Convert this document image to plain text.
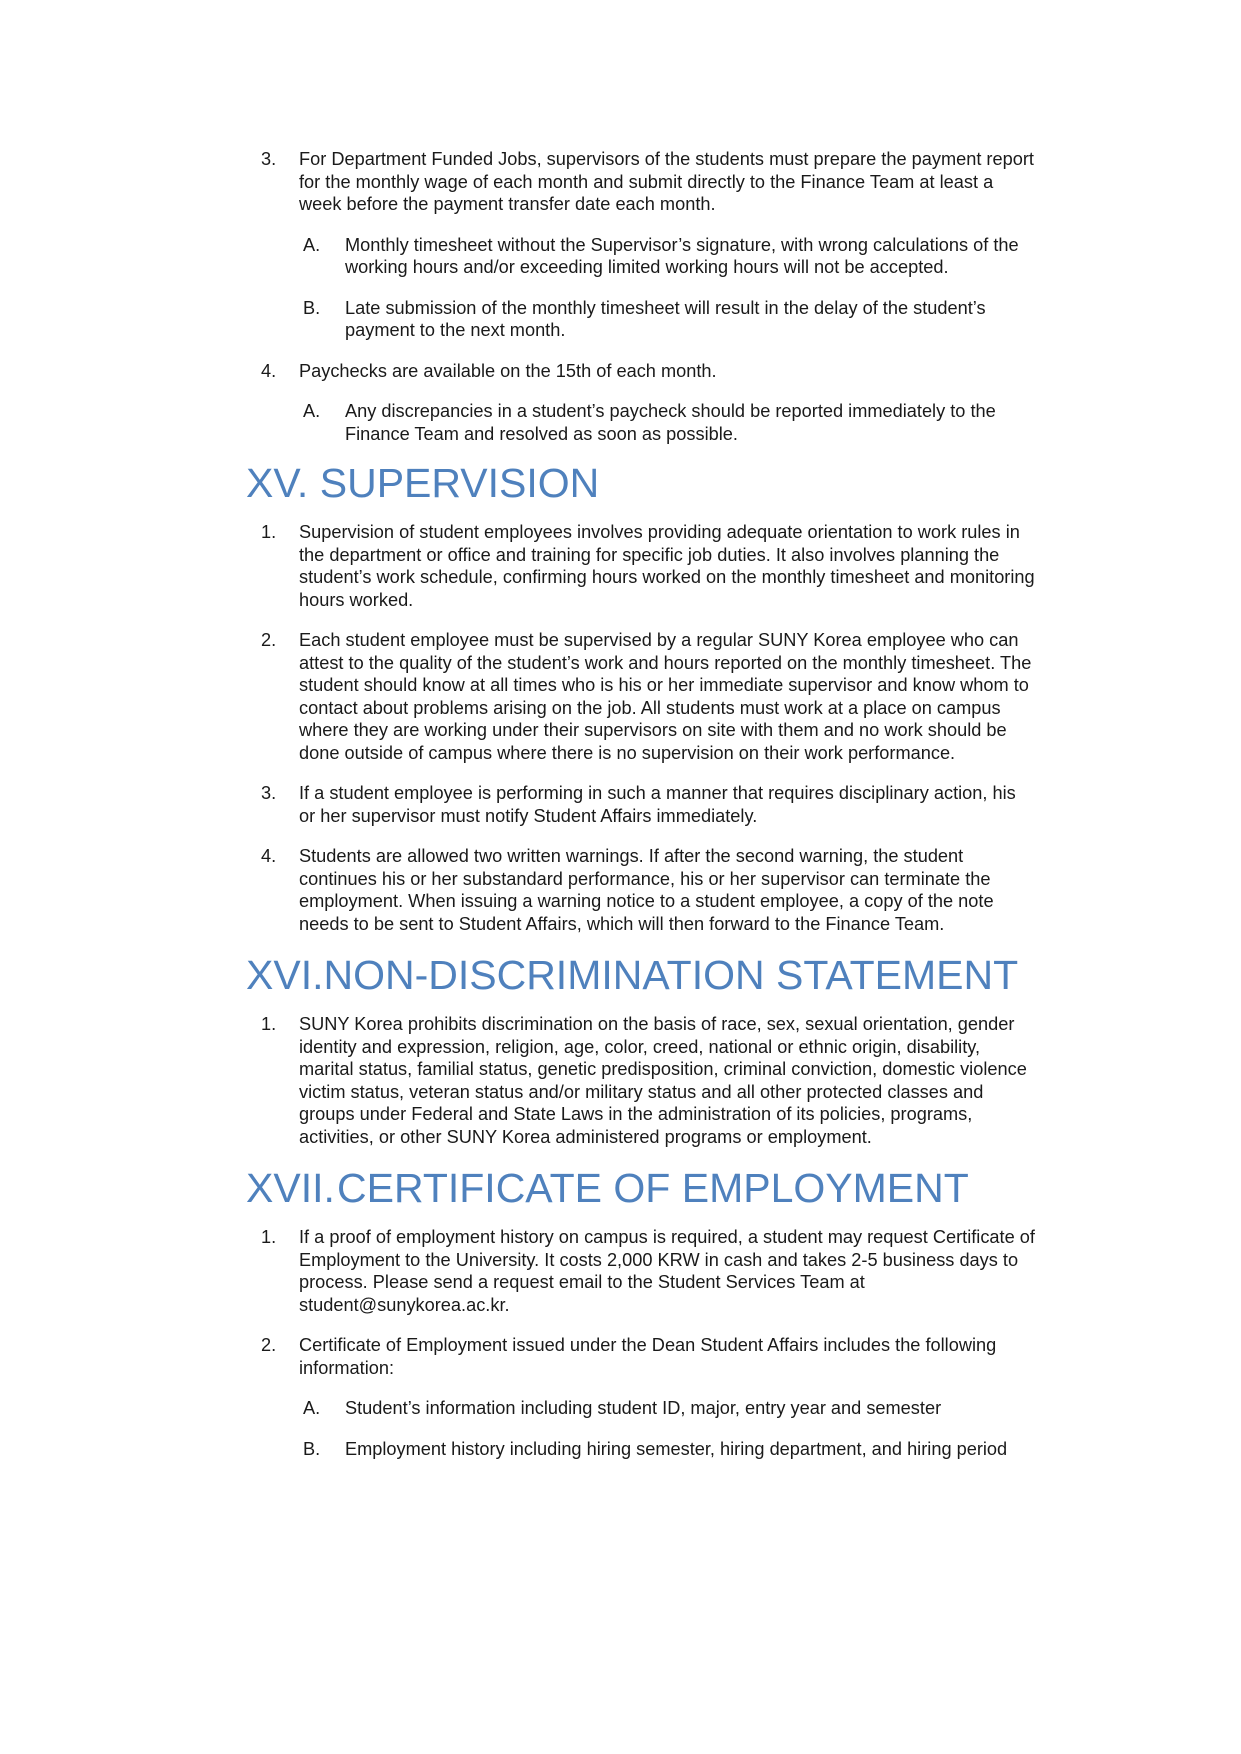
3. For Department Funded Jobs, supervisors of the students must prepare the payment report for the monthly wage of each month and submit directly to the Finance Team at least a week before the payment transfer date each month.
A. Monthly timesheet without the Supervisor’s signature, with wrong calculations of the working hours and/or exceeding limited working hours will not be accepted.
B. Late submission of the monthly timesheet will result in the delay of the student’s payment to the next month.
4. Paychecks are available on the 15th of each month.
A. Any discrepancies in a student’s paycheck should be reported immediately to the Finance Team and resolved as soon as possible.
XV. SUPERVISION
1. Supervision of student employees involves providing adequate orientation to work rules in the department or office and training for specific job duties. It also involves planning the student’s work schedule, confirming hours worked on the monthly timesheet and monitoring hours worked.
2. Each student employee must be supervised by a regular SUNY Korea employee who can attest to the quality of the student’s work and hours reported on the monthly timesheet. The student should know at all times who is his or her immediate supervisor and know whom to contact about problems arising on the job. All students must work at a place on campus where they are working under their supervisors on site with them and no work should be done outside of campus where there is no supervision on their work performance.
3. If a student employee is performing in such a manner that requires disciplinary action, his or her supervisor must notify Student Affairs immediately.
4. Students are allowed two written warnings. If after the second warning, the student continues his or her substandard performance, his or her supervisor can terminate the employment. When issuing a warning notice to a student employee, a copy of the note needs to be sent to Student Affairs, which will then forward to the Finance Team.
XVI.NON-DISCRIMINATION STATEMENT
1. SUNY Korea prohibits discrimination on the basis of race, sex, sexual orientation, gender identity and expression, religion, age, color, creed, national or ethnic origin, disability, marital status, familial status, genetic predisposition, criminal conviction, domestic violence victim status, veteran status and/or military status and all other protected classes and groups under Federal and State Laws in the administration of its policies, programs, activities, or other SUNY Korea administered programs or employment.
XVII.CERTIFICATE OF EMPLOYMENT
1. If a proof of employment history on campus is required, a student may request Certificate of Employment to the University. It costs 2,000 KRW in cash and takes 2-5 business days to process. Please send a request email to the Student Services Team at student@sunykorea.ac.kr.
2. Certificate of Employment issued under the Dean Student Affairs includes the following information:
A. Student’s information including student ID, major, entry year and semester
B. Employment history including hiring semester, hiring department, and hiring period
